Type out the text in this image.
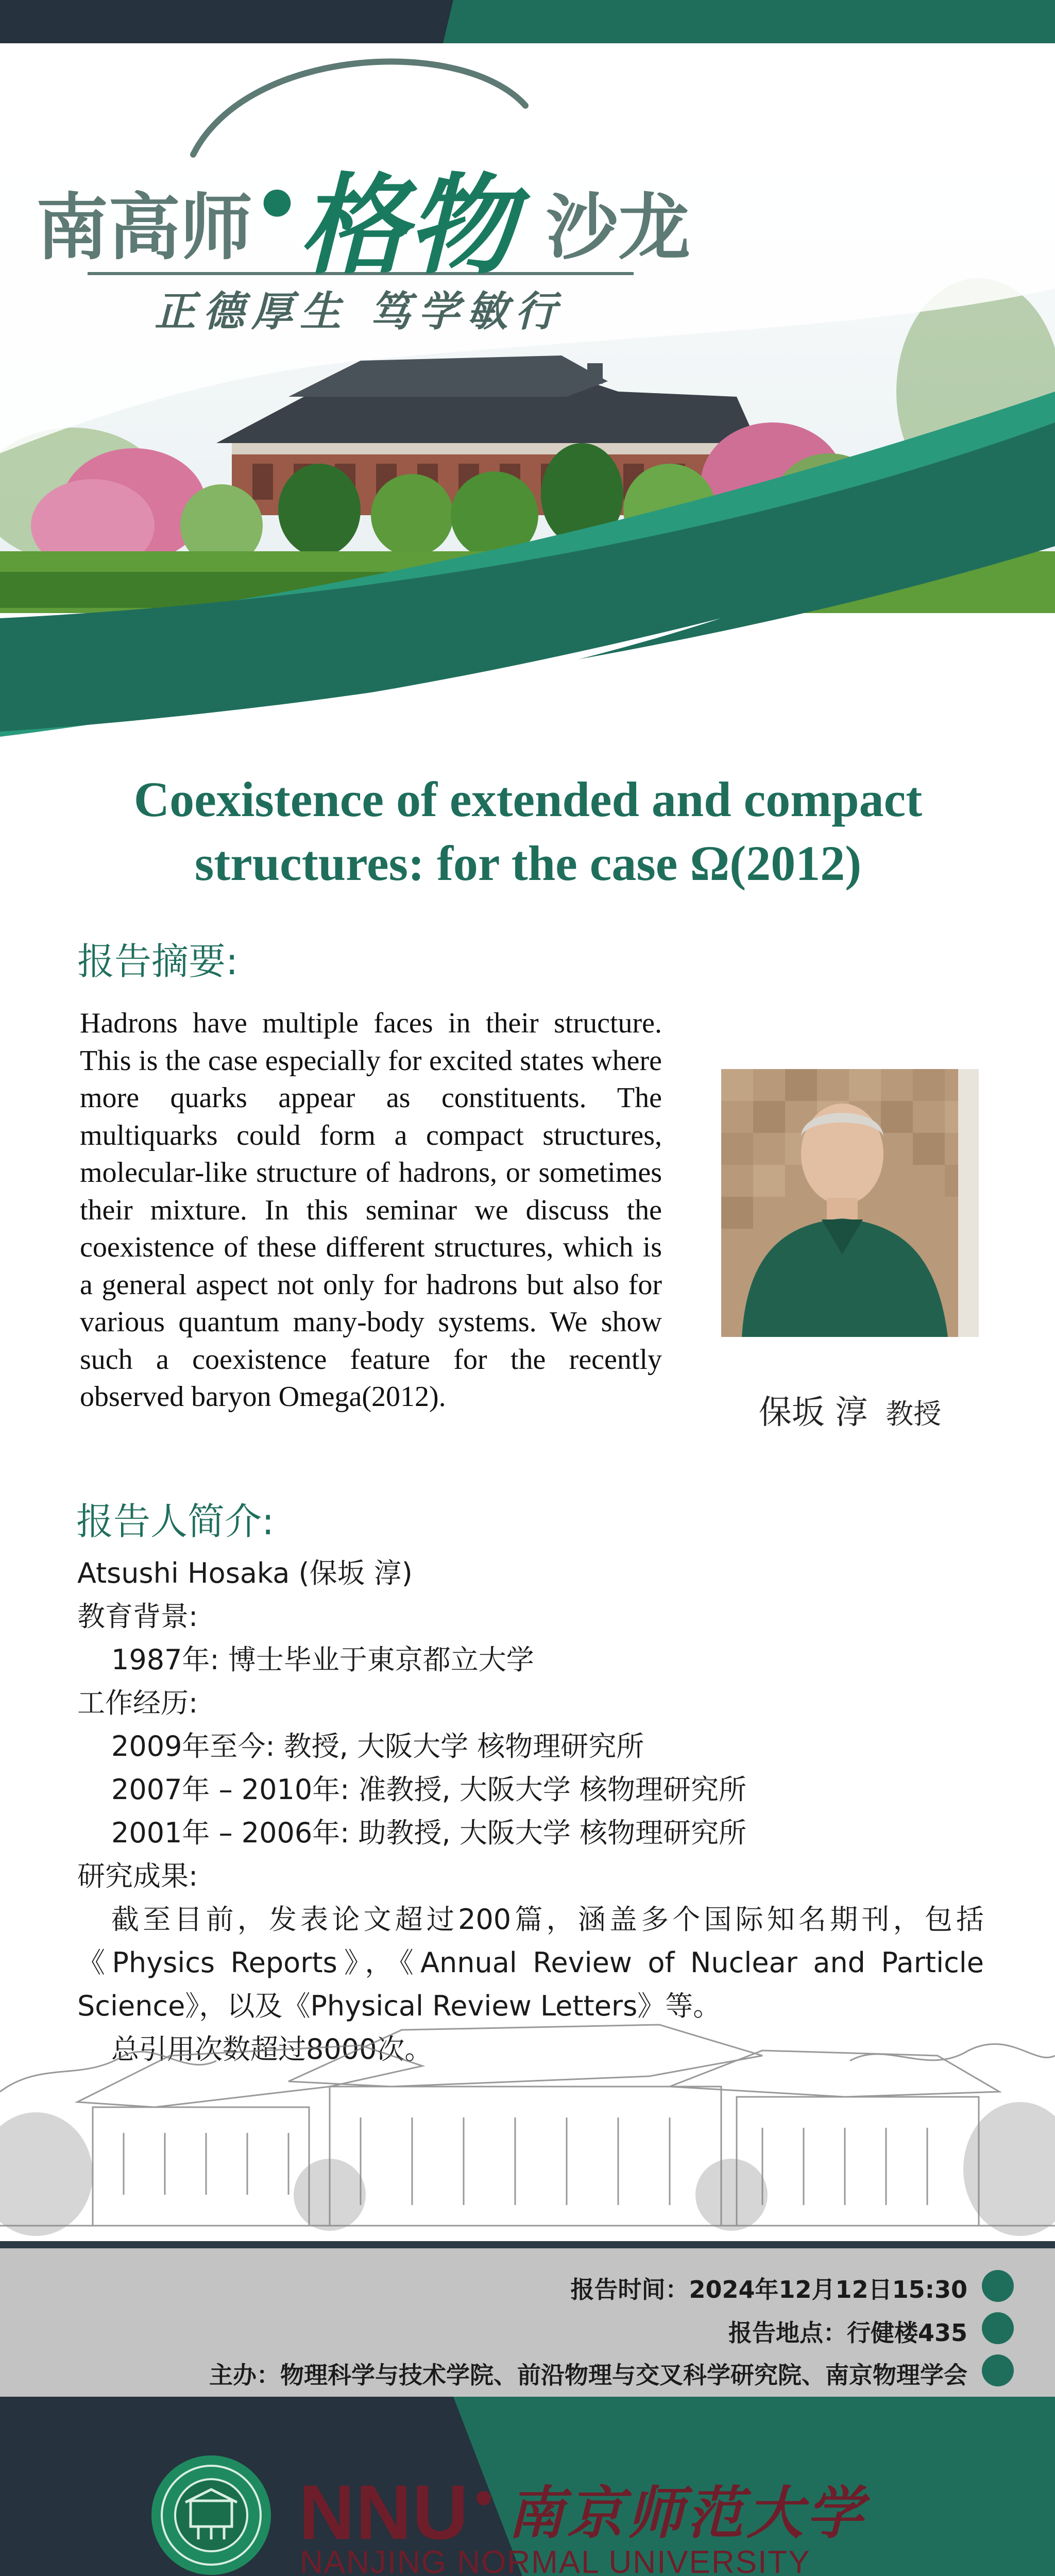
南高师 •
格物 沙龙
正德厚生 笃学敏行
Coexistence of extended and compact
structures: for the case Ω(2012)
报告摘要:
Hadrons have multiple faces in their structure. This is the case especially for excited states where more quarks appear as constituents. The multiquarks could form a compact structures, molecular-like structure of hadrons, or sometimes their mixture. In this seminar we discuss the coexistence of these different structures, which is a general aspect not only for hadrons but also for various quantum many-body systems. We show such a coexistence feature for the recently observed baryon Omega(2012).	保坂 淳 教授
报告人简介:
Atsushi Hosaka (保坂 淳)
教育背景:
1987年: 博士毕业于東京都立大学
工作经历:
2009年至今: 教授, 大阪大学 核物理研究所
2007年 – 2010年: 准教授, 大阪大学 核物理研究所
2001年 – 2006年: 助教授, 大阪大学 核物理研究所
研究成果:
截至目前，发表论文超过200篇，涵盖多个国际知名期刊，包括《Physics Reports》，《Annual Review of Nuclear and Particle Science》，以及《Physical Review Letters》等。
总引用次数超过8000次。
报告时间：2024年12月12日15:30
报告地点：行健楼435
主办：物理科学与技术学院、前沿物理与交叉科学研究院、南京物理学会
NNU 南京师范大学
NANJING NORMAL UNIVERSITY
